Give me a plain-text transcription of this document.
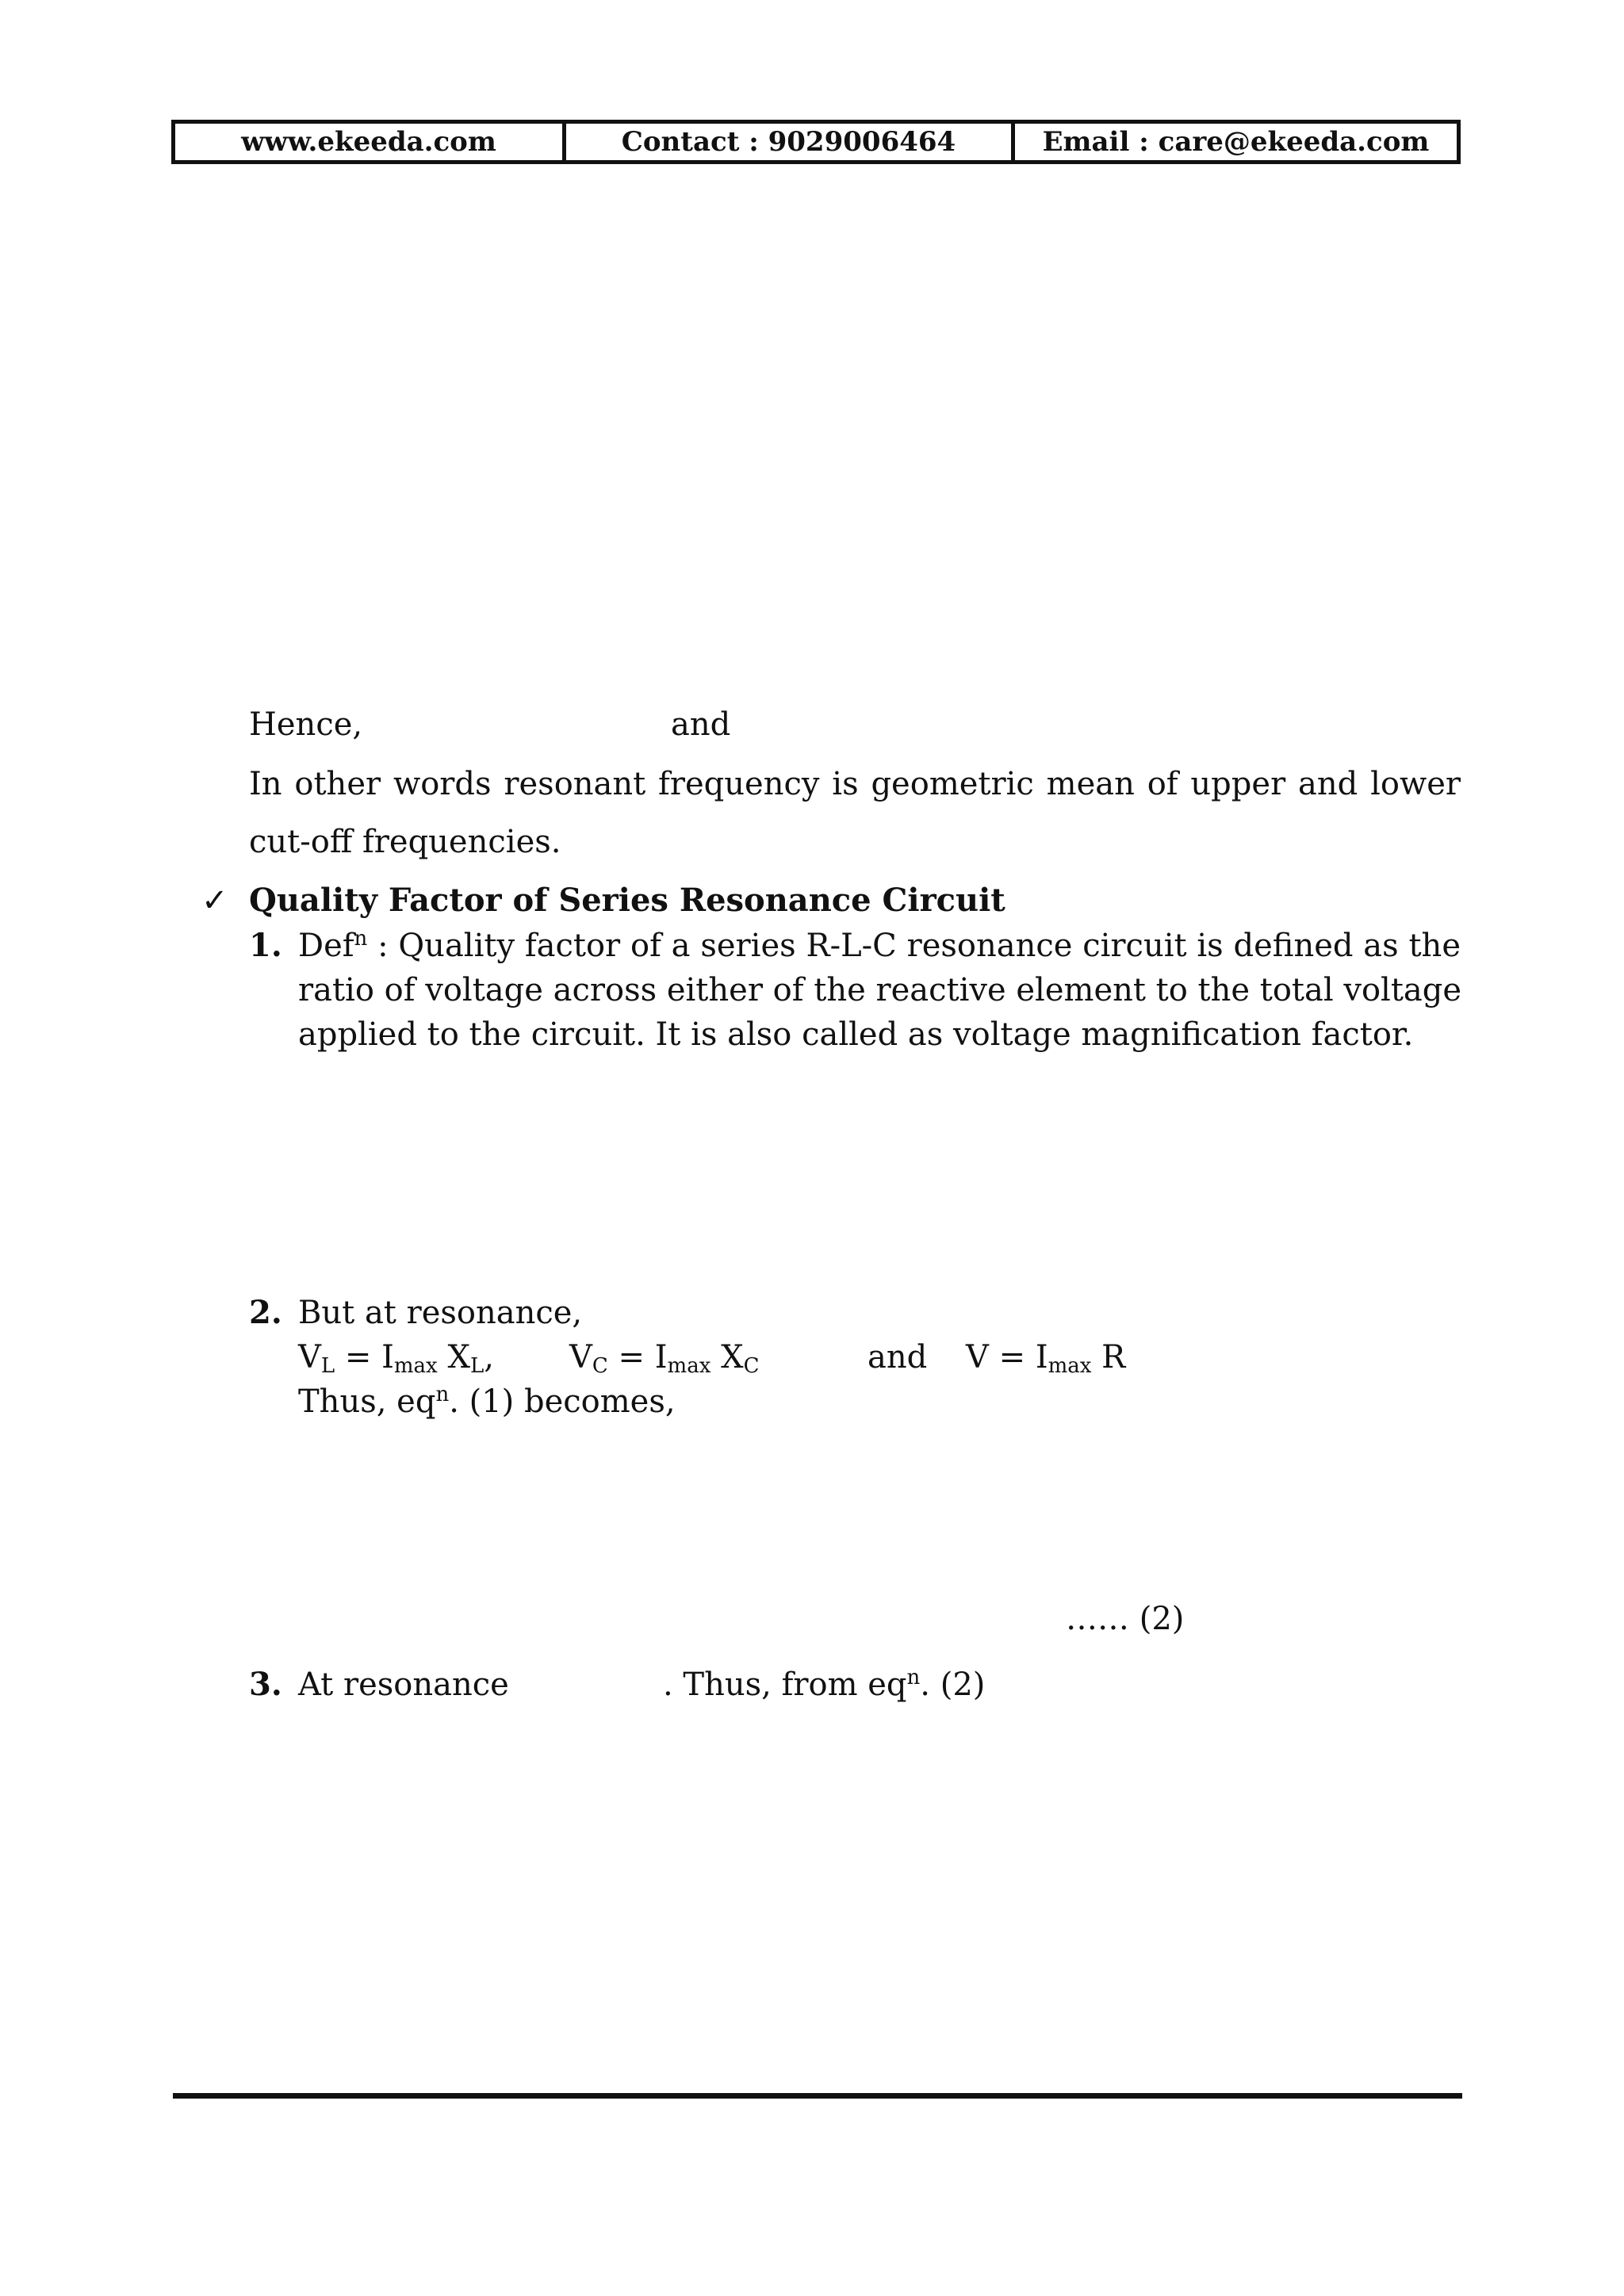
www.ekeeda.com	Contact : 9029006464	Email : care@ekeeda.com
Hence,	and
In other words resonant frequency is geometric mean of upper and lower
cut-off frequencies.
✓ Quality Factor of Series Resonance Circuit
1. Def$^n$ : Quality factor of a series R-L-C resonance circuit is defined as the
ratio of voltage across either of the reactive element to the total voltage
applied to the circuit. It is also called as voltage magnification factor.
2. But at resonance,
$V_L = I_{max}$ $X_L$, $V_C = I_{max}$ $X_C$	and $V = I_{max}$ R
Thus, $eq^n$. (1) becomes,
…… (2)
3. At resonance	. Thus, from $eq^n$. (2)
